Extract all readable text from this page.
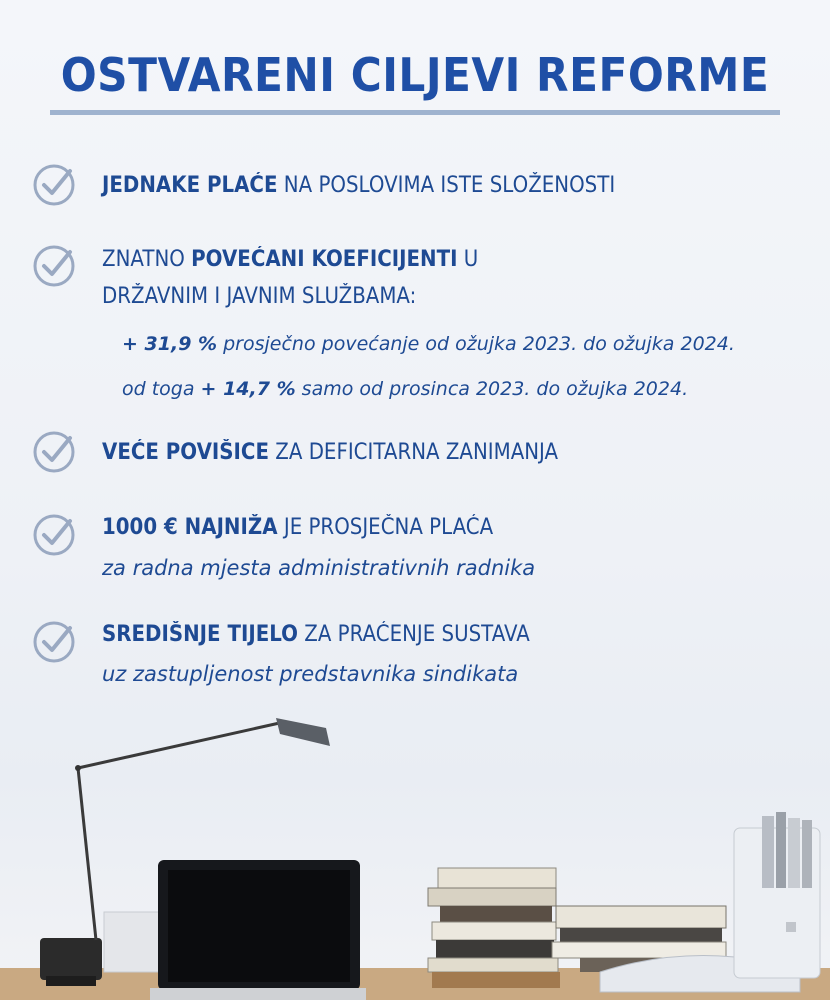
OSTVARENI CILJEVI REFORME
JEDNAKE PLAĆE NA POSLOVIMA ISTE SLOŽENOSTI
ZNATNO POVEĆANI KOEFICIJENTI U
DRŽAVNIM I JAVNIM SLUŽBAMA:
+ 31,9 % prosječno povećanje od ožujka 2023. do ožujka 2024.
od toga + 14,7 % samo od prosinca 2023. do ožujka 2024.
VEĆE POVIŠICE ZA DEFICITARNA ZANIMANJA
1000 € NAJNIŽA JE PROSJEČNA PLAĆA
za radna mjesta administrativnih radnika
SREDIŠNJE TIJELO ZA PRAĆENJE SUSTAVA
uz zastupljenost predstavnika sindikata
